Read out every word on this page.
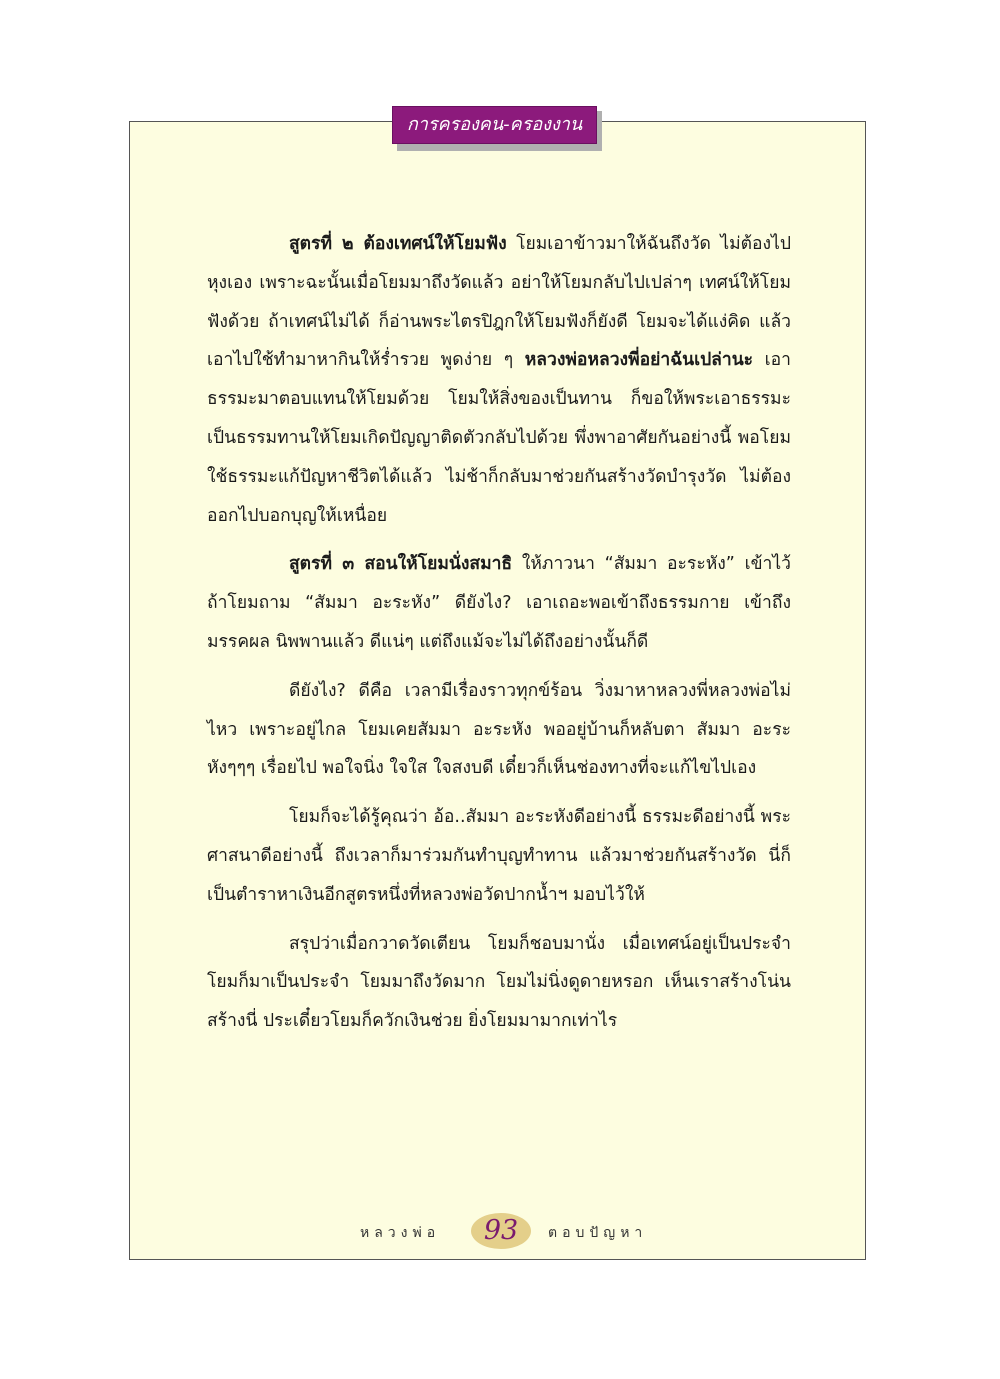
การครองคน-ครองงาน

สูตรที่ ๒ ต้องเทศน์ให้โยมฟัง โยมเอาข้าวมาให้ฉันถึงวัด ไม่ต้องไปหุงเอง เพราะฉะนั้นเมื่อโยมมาถึงวัดแล้ว อย่าให้โยมกลับไปเปล่าๆ เทศน์ให้โยมฟังด้วย ถ้าเทศน์ไม่ได้ ก็อ่านพระไตรปิฎกให้โยมฟังก็ยังดี โยมจะได้แง่คิด แล้วเอาไปใช้ทำมาหากินให้ร่ำรวย พูดง่าย ๆ หลวงพ่อหลวงพี่อย่าฉันเปล่านะ เอาธรรมะมาตอบแทนให้โยมด้วย โยมให้สิ่งของเป็นทาน ก็ขอให้พระเอาธรรมะเป็นธรรมทานให้โยมเกิดปัญญาติดตัวกลับไปด้วย พึ่งพาอาศัยกันอย่างนี้ พอโยมใช้ธรรมะแก้ปัญหาชีวิตได้แล้ว ไม่ช้าก็กลับมาช่วยกันสร้างวัดบำรุงวัด ไม่ต้องออกไปบอกบุญให้เหนื่อย

สูตรที่ ๓ สอนให้โยมนั่งสมาธิ ให้ภาวนา “สัมมา อะระหัง” เข้าไว้ ถ้าโยมถาม “สัมมา อะระหัง” ดียังไง? เอาเถอะพอเข้าถึงธรรมกาย เข้าถึงมรรคผล นิพพานแล้ว ดีแน่ๆ แต่ถึงแม้จะไม่ได้ถึงอย่างนั้นก็ดี

ดียังไง? ดีคือ เวลามีเรื่องราวทุกข์ร้อน วิ่งมาหาหลวงพี่หลวงพ่อไม่ไหว เพราะอยู่ไกล โยมเคยสัมมา อะระหัง พออยู่บ้านก็หลับตา สัมมา อะระหังๆๆๆ เรื่อยไป พอใจนิ่ง ใจใส ใจสงบดี เดี๋ยวก็เห็นช่องทางที่จะแก้ไขไปเอง

โยมก็จะได้รู้คุณว่า อ้อ..สัมมา อะระหังดีอย่างนี้ ธรรมะดีอย่างนี้ พระศาสนาดีอย่างนี้ ถึงเวลาก็มาร่วมกันทำบุญทำทาน แล้วมาช่วยกันสร้างวัด นี่ก็เป็นตำราหาเงินอีกสูตรหนึ่งที่หลวงพ่อวัดปากน้ำฯ มอบไว้ให้

สรุปว่าเมื่อกวาดวัดเตียน โยมก็ชอบมานั่ง เมื่อเทศน์อยู่เป็นประจำโยมก็มาเป็นประจำ โยมมาถึงวัดมาก โยมไม่นิ่งดูดายหรอก เห็นเราสร้างโน่นสร้างนี่ ประเดี๋ยวโยมก็ควักเงินช่วย ยิ่งโยมมามากเท่าไร

หลวงพ่อ	93	ตอบปัญหา
